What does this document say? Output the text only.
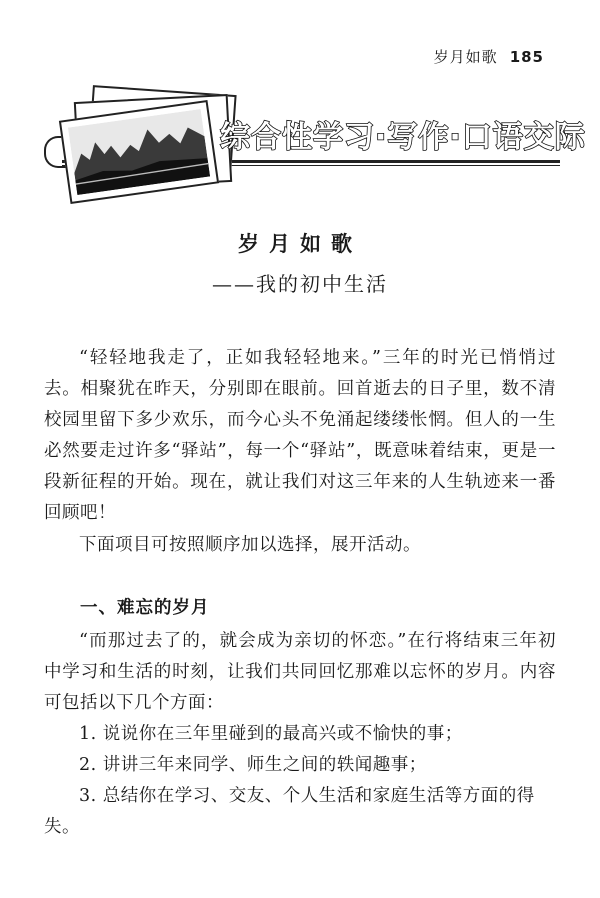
岁月如歌 185
综合性学习·写作·口语交际
岁月如歌
——我的初中生活

“轻轻地我走了，正如我轻轻地来。”三年的时光已悄悄过去。相聚犹在昨天，分别即在眼前。回首逝去的日子里，数不清校园里留下多少欢乐，而今心头不免涌起缕缕怅惘。但人的一生必然要走过许多“驿站”，每一个“驿站”，既意味着结束，更是一段新征程的开始。现在，就让我们对这三年来的人生轨迹来一番回顾吧！

下面项目可按照顺序加以选择，展开活动。

一、难忘的岁月

“而那过去了的，就会成为亲切的怀恋。”在行将结束三年初中学习和生活的时刻，让我们共同回忆那难以忘怀的岁月。内容可包括以下几个方面：

1. 说说你在三年里碰到的最高兴或不愉快的事；

2. 讲讲三年来同学、师生之间的轶闻趣事；

3. 总结你在学习、交友、个人生活和家庭生活等方面的得失。
